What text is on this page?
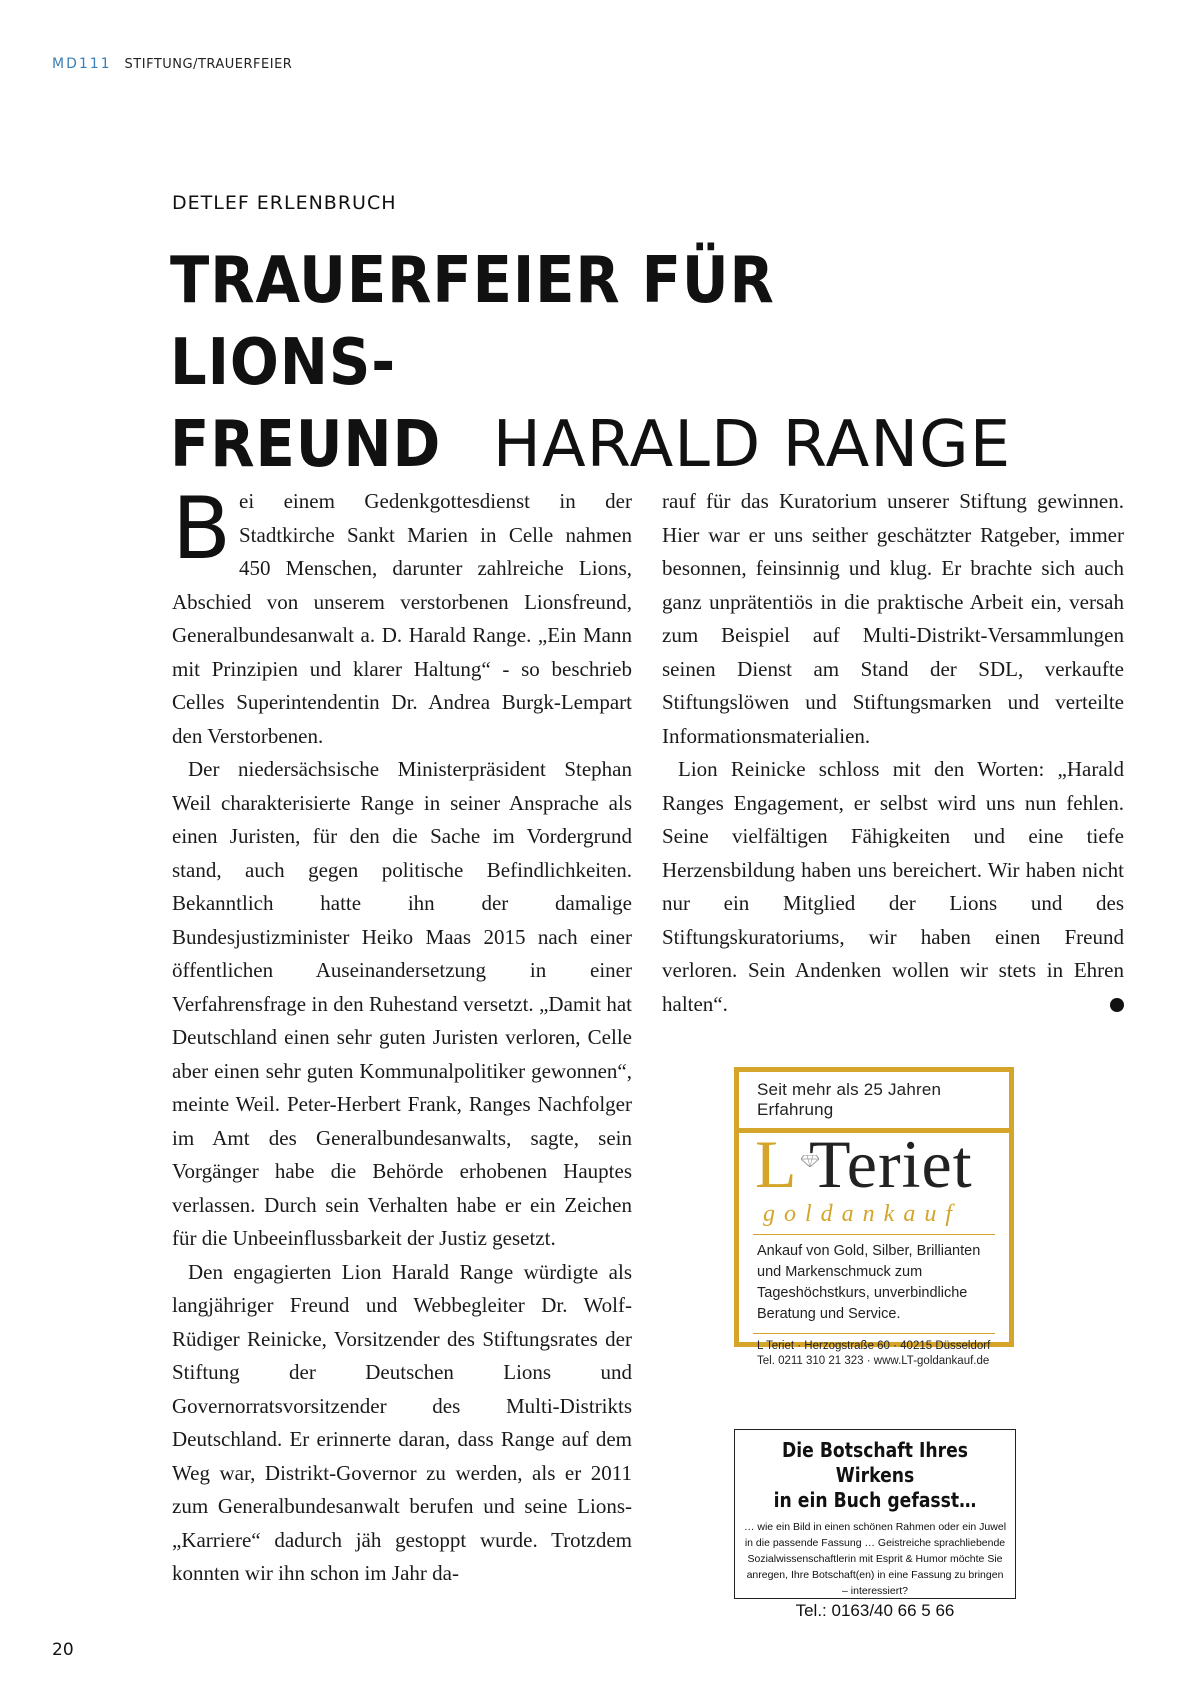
MD111 STIFTUNG/TRAUERFEIER
DETLEF ERLENBRUCH
TRAUERFEIER FÜR LIONS-
FREUND HARALD RANGE

Bei einem Gedenkgottesdienst in der Stadtkirche Sankt Marien in Celle nahmen 450 Menschen, darunter zahlreiche Lions, Abschied von unserem verstorbenen Lionsfreund, Generalbundesanwalt a. D. Harald Range. „Ein Mann mit Prinzipien und klarer Haltung“ - so beschrieb Celles Superintendentin Dr. Andrea Burgk-Lempart den Verstorbenen.

Der niedersächsische Ministerpräsident Stephan Weil charakterisierte Range in seiner Ansprache als einen Juristen, für den die Sache im Vordergrund stand, auch gegen politische Befindlichkeiten. Bekanntlich hatte ihn der damalige Bundesjustizminister Heiko Maas 2015 nach einer öffentlichen Auseinandersetzung in einer Verfahrensfrage in den Ruhestand versetzt. „Damit hat Deutschland einen sehr guten Juristen verloren, Celle aber einen sehr guten Kommunalpolitiker gewonnen“, meinte Weil. Peter-Herbert Frank, Ranges Nachfolger im Amt des Generalbundesanwalts, sagte, sein Vorgänger habe die Behörde erhobenen Hauptes verlassen. Durch sein Verhalten habe er ein Zeichen für die Unbeeinflussbarkeit der Justiz gesetzt.

Den engagierten Lion Harald Range würdigte als langjähriger Freund und Webbegleiter Dr. Wolf-Rüdiger Reinicke, Vorsitzender des Stiftungsrates der Stiftung der Deutschen Lions und Governorratsvorsitzender des Multi-Distrikts Deutschland. Er erinnerte daran, dass Range auf dem Weg war, Distrikt-Governor zu werden, als er 2011 zum Generalbundesanwalt berufen und seine Lions-„Karriere“ dadurch jäh gestoppt wurde. Trotzdem konnten wir ihn schon im Jahr da-

rauf für das Kuratorium unserer Stiftung gewinnen. Hier war er uns seither geschätzter Ratgeber, immer besonnen, feinsinnig und klug. Er brachte sich auch ganz unprätentiös in die praktische Arbeit ein, versah zum Beispiel auf Multi-Distrikt-Versammlungen seinen Dienst am Stand der SDL, verkaufte Stiftungslöwen und Stiftungsmarken und verteilte Informationsmaterialien.

Lion Reinicke schloss mit den Worten: „Harald Ranges Engagement, er selbst wird uns nun fehlen. Seine vielfältigen Fähigkeiten und eine tiefe Herzensbildung haben uns bereichert. Wir haben nicht nur ein Mitglied der Lions und des Stiftungskuratoriums, wir haben einen Freund verloren. Sein Andenken wollen wir stets in Ehren halten“.	L

Seit mehr als 25 Jahren Erfahrung
L Teriet
goldankauf
Ankauf von Gold, Silber, Brillianten und Markenschmuck zum Tageshöchstkurs, unverbindliche Beratung und Service.
L Teriet · Herzogstraße 60 · 40215 Düsseldorf
Tel. 0211 310 21 323 · www.LT-goldankauf.de
Die Botschaft Ihres Wirkens
in ein Buch gefasst…
… wie ein Bild in einen schönen Rahmen oder ein Juwel in die passende Fassung … Geistreiche sprachliebende Sozialwissenschaftlerin mit Esprit & Humor möchte Sie anregen, Ihre Botschaft(en) in eine Fassung zu bringen – interessiert?
Tel.: 0163/40 66 5 66
20
